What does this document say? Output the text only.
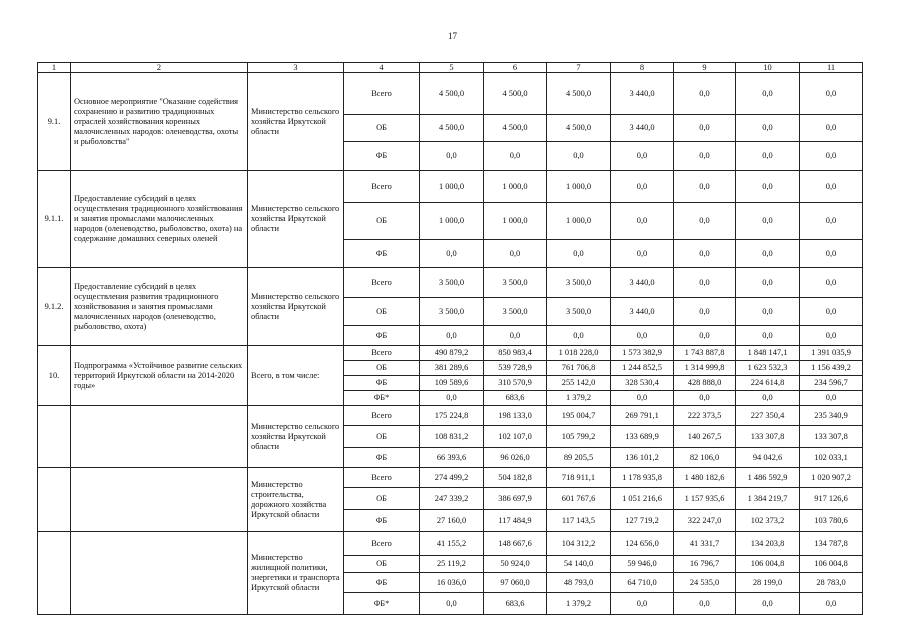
17
1	2	3	4	5	6	7	8	9	10	11
9.1.	Основное мероприятие "Оказание содействия сохранению и развитию традиционных отраслей хозяйствования коренных малочисленных народов: оленеводства, охоты и рыболовства"	Министерство сельского хозяйства Иркутской области	Всего	4 500,0	4 500,0	4 500,0	3 440,0	0,0	0,0	0,0
			ОБ	4 500,0	4 500,0	4 500,0	3 440,0	0,0	0,0	0,0
			ФБ	0,0	0,0	0,0	0,0	0,0	0,0	0,0
9.1.1.	Предоставление субсидий в целях осуществления традиционного хозяйствования и занятия промыслами малочисленных народов (оленеводство, рыболовство, охота) на содержание домашних северных оленей	Министерство сельского хозяйства Иркутской области	Всего	1 000,0	1 000,0	1 000,0	0,0	0,0	0,0	0,0
			ОБ	1 000,0	1 000,0	1 000,0	0,0	0,0	0,0	0,0
			ФБ	0,0	0,0	0,0	0,0	0,0	0,0	0,0
9.1.2.	Предоставление субсидий в целях осуществления развития традиционного хозяйствования и занятия промыслами малочисленных народов (оленеводство, рыболовство, охота)	Министерство сельского хозяйства Иркутской области	Всего	3 500,0	3 500,0	3 500,0	3 440,0	0,0	0,0	0,0
			ОБ	3 500,0	3 500,0	3 500,0	3 440,0	0,0	0,0	0,0
			ФБ	0,0	0,0	0,0	0,0	0,0	0,0	0,0
10.	Подпрограмма «Устойчивое развитие сельских территорий Иркутской области на 2014-2020 годы»	Всего, в том числе:	Всего	490 879,2	850 983,4	1 018 228,0	1 573 382,9	1 743 887,8	1 848 147,1	1 391 035,9
			ОБ	381 289,6	539 728,9	761 706,8	1 244 852,5	1 314 999,8	1 623 532,3	1 156 439,2
			ФБ	109 589,6	310 570,9	255 142,0	328 530,4	428 888,0	224 614,8	234 596,7
			ФБ*	0,0	683,6	1 379,2	0,0	0,0	0,0	0,0
		Министерство сельского хозяйства Иркутской области	Всего	175 224,8	198 133,0	195 004,7	269 791,1	222 373,5	227 350,4	235 340,9
			ОБ	108 831,2	102 107,0	105 799,2	133 689,9	140 267,5	133 307,8	133 307,8
			ФБ	66 393,6	96 026,0	89 205,5	136 101,2	82 106,0	94 042,6	102 033,1
		Министерство строительства, дорожного хозяйства Иркутской области	Всего	274 499,2	504 182,8	718 911,1	1 178 935,8	1 480 182,6	1 486 592,9	1 020 907,2
			ОБ	247 339,2	386 697,9	601 767,6	1 051 216,6	1 157 935,6	1 384 219,7	917 126,6
			ФБ	27 160,0	117 484,9	117 143,5	127 719,2	322 247,0	102 373,2	103 780,6
		Министерство жилищной политики, энергетики и транспорта Иркутской области	Всего	41 155,2	148 667,6	104 312,2	124 656,0	41 331,7	134 203,8	134 787,8
			ОБ	25 119,2	50 924,0	54 140,0	59 946,0	16 796,7	106 004,8	106 004,8
			ФБ	16 036,0	97 060,0	48 793,0	64 710,0	24 535,0	28 199,0	28 783,0
			ФБ*	0,0	683,6	1 379,2	0,0	0,0	0,0	0,0
